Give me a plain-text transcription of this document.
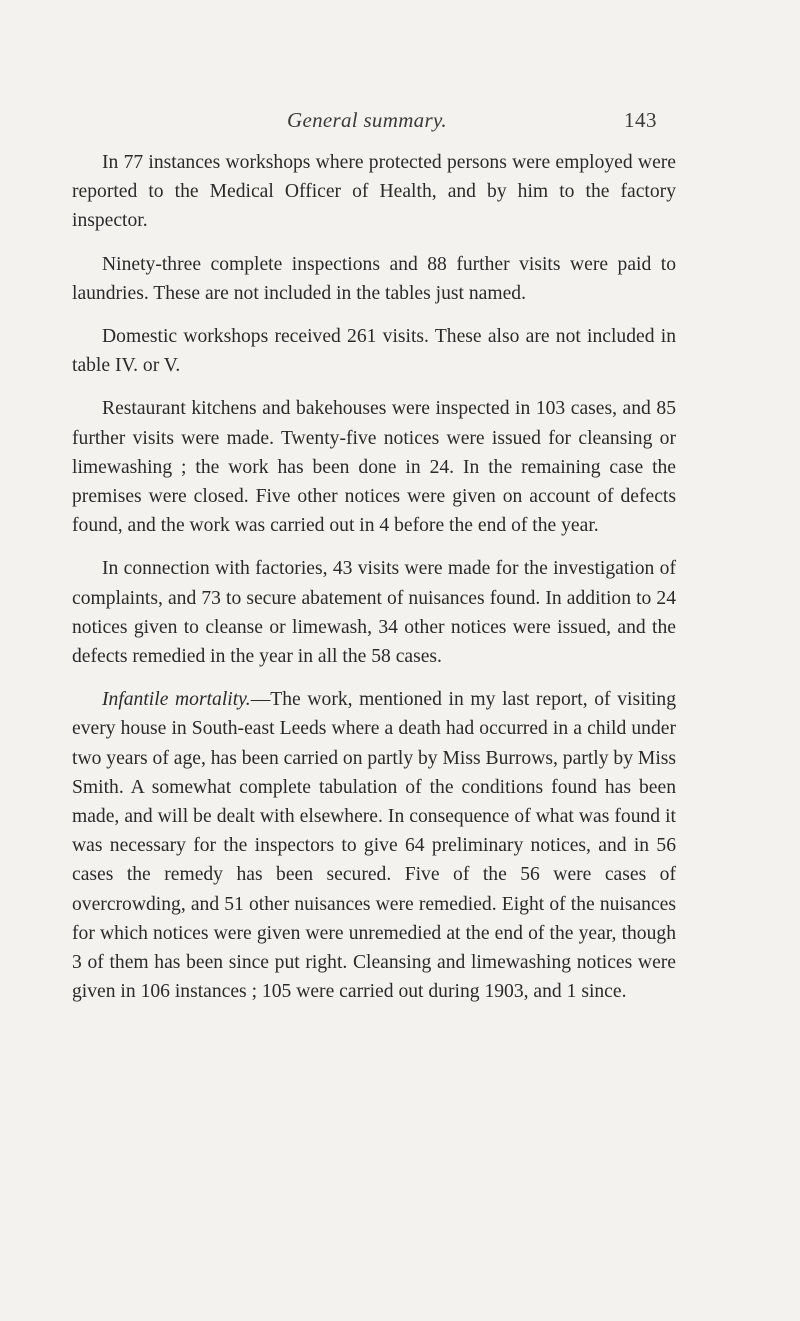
General summary.	143

In 77 instances workshops where protected persons were employed were reported to the Medical Officer of Health, and by him to the factory inspector.

Ninety-three complete inspections and 88 further visits were paid to laundries. These are not included in the tables just named.

Domestic workshops received 261 visits. These also are not included in table IV. or V.

Restaurant kitchens and bakehouses were inspected in 103 cases, and 85 further visits were made. Twenty-five notices were issued for cleansing or limewashing ; the work has been done in 24. In the remaining case the premises were closed. Five other notices were given on account of defects found, and the work was carried out in 4 before the end of the year.

In connection with factories, 43 visits were made for the investigation of complaints, and 73 to secure abatement of nuisances found. In addition to 24 notices given to cleanse or limewash, 34 other notices were issued, and the defects remedied in the year in all the 58 cases.

Infantile mortality.—The work, mentioned in my last report, of visiting every house in South-east Leeds where a death had occurred in a child under two years of age, has been carried on partly by Miss Burrows, partly by Miss Smith. A somewhat complete tabulation of the conditions found has been made, and will be dealt with elsewhere. In consequence of what was found it was necessary for the inspectors to give 64 preliminary notices, and in 56 cases the remedy has been secured. Five of the 56 were cases of overcrowding, and 51 other nuisances were remedied. Eight of the nuisances for which notices were given were unremedied at the end of the year, though 3 of them has been since put right. Cleansing and limewashing notices were given in 106 instances ; 105 were carried out during 1903, and 1 since.
